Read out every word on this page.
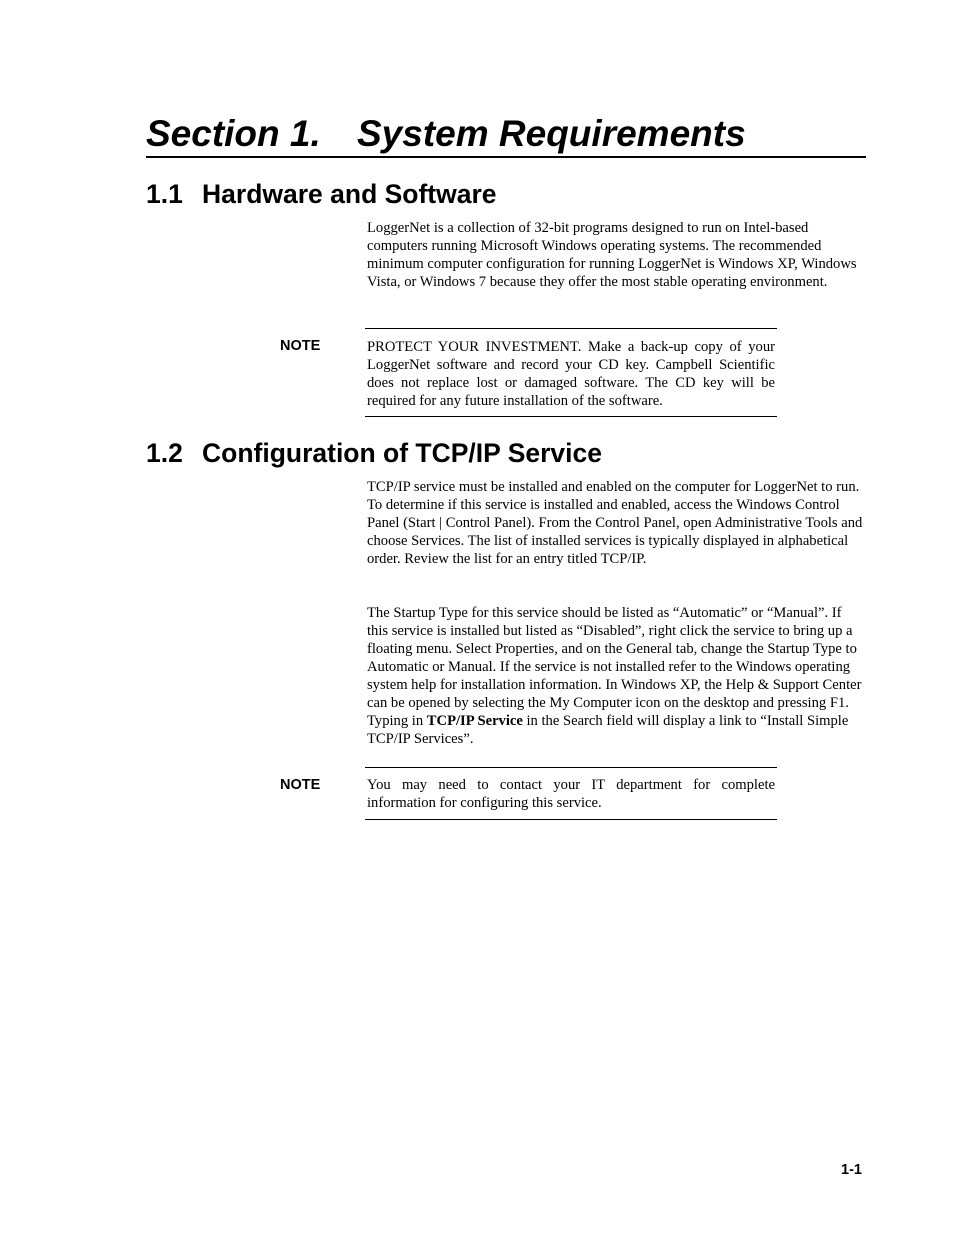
Section 1. System Requirements
1.1 Hardware and Software

LoggerNet is a collection of 32-bit programs designed to run on Intel-based computers running Microsoft Windows operating systems. The recommended minimum computer configuration for running LoggerNet is Windows XP, Windows Vista, or Windows 7 because they offer the most stable operating environment.

NOTE	PROTECT YOUR INVESTMENT. Make a back-up copy of your LoggerNet software and record your CD key. Campbell Scientific does not replace lost or damaged software. The CD key will be required for any future installation of the software.

1.2 Configuration of TCP/IP Service

TCP/IP service must be installed and enabled on the computer for LoggerNet to run. To determine if this service is installed and enabled, access the Windows Control Panel (Start | Control Panel). From the Control Panel, open Administrative Tools and choose Services. The list of installed services is typically displayed in alphabetical order. Review the list for an entry titled TCP/IP.

The Startup Type for this service should be listed as “Automatic” or “Manual”. If this service is installed but listed as “Disabled”, right click the service to bring up a floating menu. Select Properties, and on the General tab, change the Startup Type to Automatic or Manual. If the service is not installed refer to the Windows operating system help for installation information. In Windows XP, the Help & Support Center can be opened by selecting the My Computer icon on the desktop and pressing F1. Typing in TCP/IP Service in the Search field will display a link to “Install Simple TCP/IP Services”.

NOTE	You may need to contact your IT department for complete information for configuring this service.

1-1
